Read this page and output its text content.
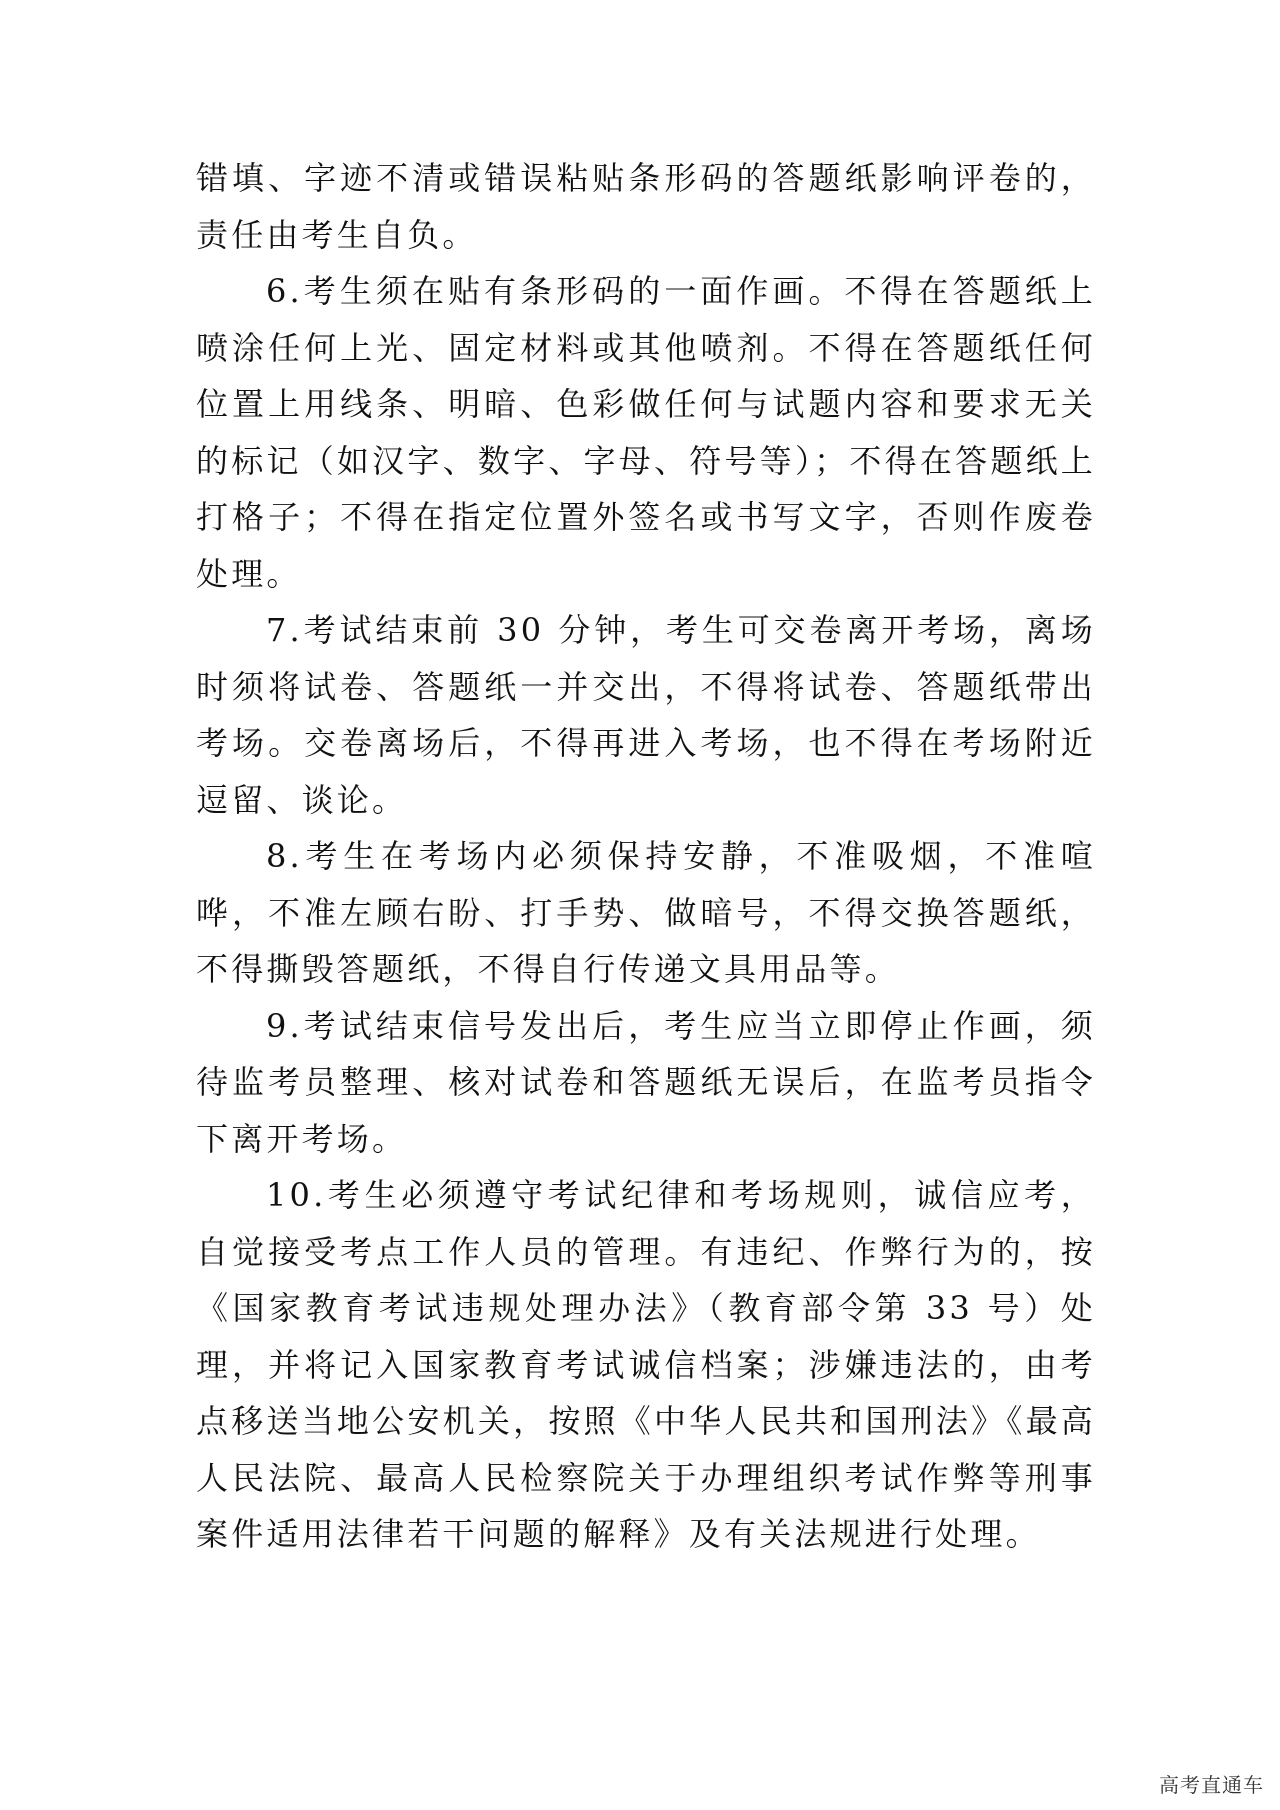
错填、字迹不清或错误粘贴条形码的答题纸影响评卷的，责任由考生自负。

6.考生须在贴有条形码的一面作画。不得在答题纸上喷涂任何上光、固定材料或其他喷剂。不得在答题纸任何位置上用线条、明暗、色彩做任何与试题内容和要求无关的标记（如汉字、数字、字母、符号等）；不得在答题纸上打格子；不得在指定位置外签名或书写文字，否则作废卷处理。

7.考试结束前 30 分钟，考生可交卷离开考场，离场时须将试卷、答题纸一并交出，不得将试卷、答题纸带出考场。交卷离场后，不得再进入考场，也不得在考场附近逗留、谈论。

8.考生在考场内必须保持安静，不准吸烟，不准喧哗，不准左顾右盼、打手势、做暗号，不得交换答题纸，不得撕毁答题纸，不得自行传递文具用品等。

9.考试结束信号发出后，考生应当立即停止作画，须待监考员整理、核对试卷和答题纸无误后，在监考员指令下离开考场。

10.考生必须遵守考试纪律和考场规则，诚信应考，自觉接受考点工作人员的管理。有违纪、作弊行为的，按《国家教育考试违规处理办法》（教育部令第 33 号）处理，并将记入国家教育考试诚信档案；涉嫌违法的，由考点移送当地公安机关，按照《中华人民共和国刑法》《最高人民法院、最高人民检察院关于办理组织考试作弊等刑事案件适用法律若干问题的解释》及有关法规进行处理。

高考直通车
